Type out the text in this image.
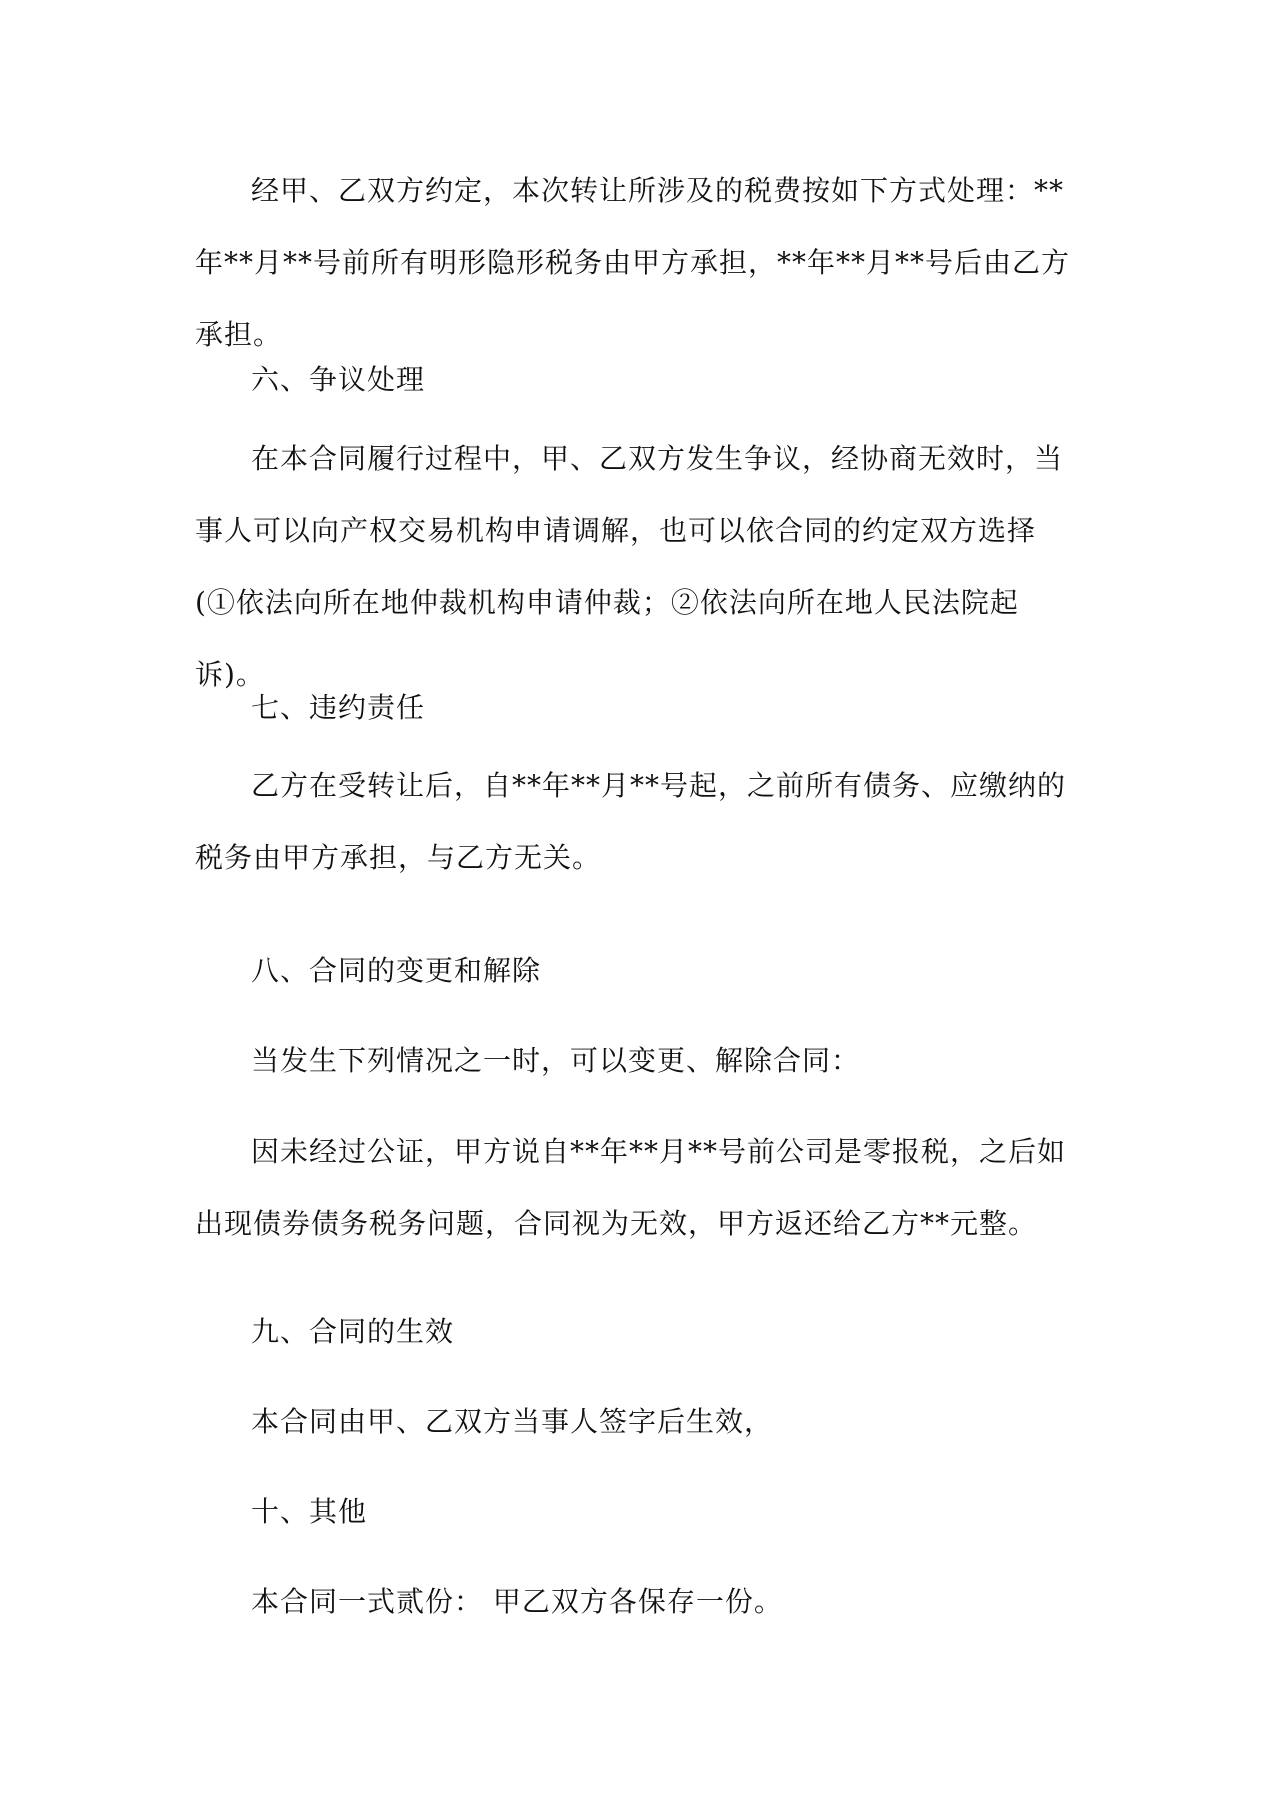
经甲、乙双方约定，本次转让所涉及的税费按如下方式处理：**年**月**号前所有明形隐形税务由甲方承担，**年**月**号后由乙方承担。

六、争议处理

在本合同履行过程中，甲、乙双方发生争议，经协商无效时，当事人可以向产权交易机构申请调解，也可以依合同的约定双方选择 (①依法向所在地仲裁机构申请仲裁；②依法向所在地人民法院起诉)。

七、违约责任

乙方在受转让后，自**年**月**号起，之前所有债务、应缴纳的税务由甲方承担，与乙方无关。

八、合同的变更和解除

当发生下列情况之一时，可以变更、解除合同：

因未经过公证，甲方说自**年**月**号前公司是零报税，之后如出现债券债务税务问题，合同视为无效，甲方返还给乙方**元整。

九、合同的生效

本合同由甲、乙双方当事人签字后生效，

十、其他

本合同一式贰份： 甲乙双方各保存一份。
